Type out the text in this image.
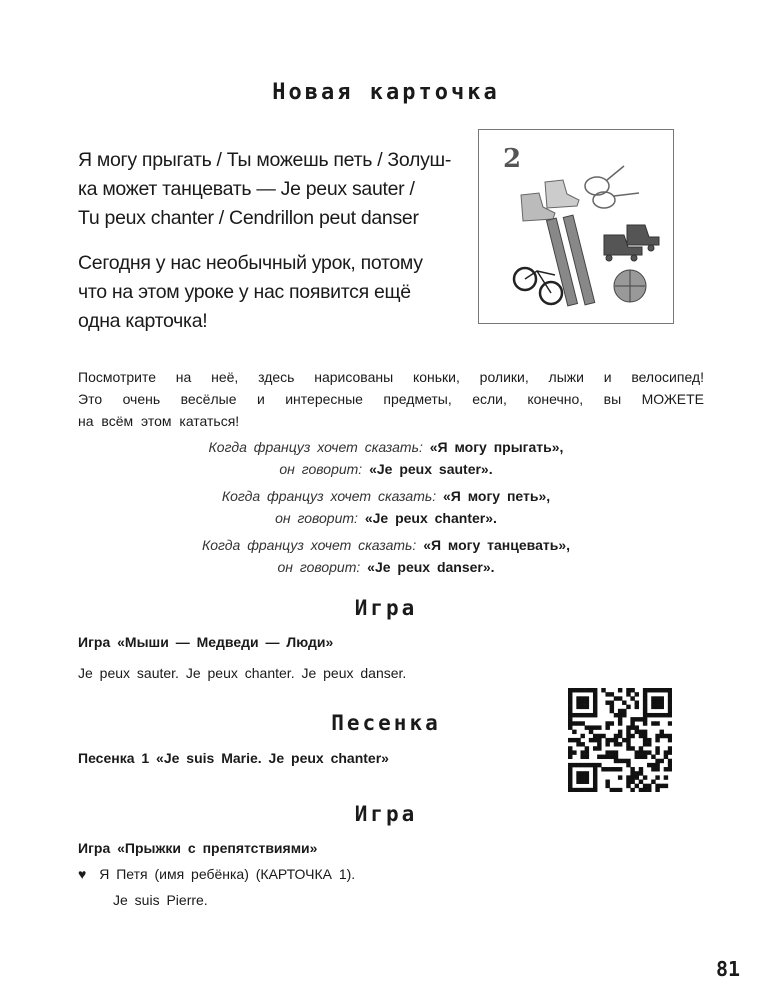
Новая карточка
Я могу прыгать / Ты можешь петь / Золуш-
ка может танцевать — Je peux sauter /
Tu peux chanter / Cendrillon peut danser
Сегодня у нас необычный урок, потому
что на этом уроке у нас появится ещё
одна карточка!
2
Посмотрите на неё, здесь нарисованы коньки, ролики, лыжи и велосипед!
Это очень весёлые и интересные предметы, если, конечно, вы МОЖЕТЕ
на всём этом кататься!
Когда француз хочет сказать: «Я могу прыгать»,
он говорит: «Je peux sauter».
Когда француз хочет сказать: «Я могу петь»,
он говорит: «Je peux chanter».
Когда француз хочет сказать: «Я могу танцевать»,
он говорит: «Je peux danser».
Игра
Игра «Мыши — Медведи — Люди»
Je peux sauter. Je peux chanter. Je peux danser.
Песенка
Песенка 1 «Je suis Marie. Je peux chanter»
Игра
Игра «Прыжки с препятствиями»
♥ Я Петя (имя ребёнка) (КАРТОЧКА 1).
Je suis Pierre.
81
